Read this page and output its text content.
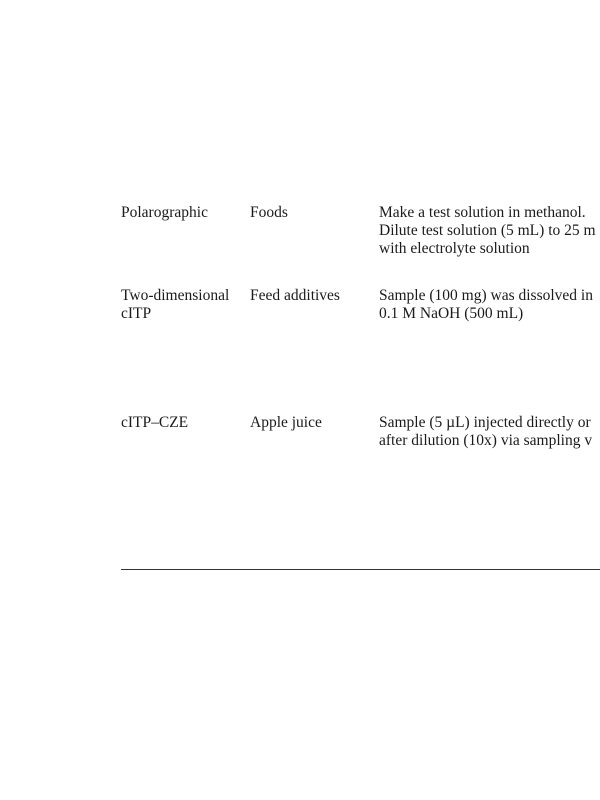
Polarographic	Foods	Make a test solution in methanol.
Dilute test solution (5 mL) to 25 m
with electrolyte solution
Two-dimensional
cITP
Feed additives	Sample (100 mg) was dissolved in
0.1 M NaOH (500 mL)
cITP–CZE	Apple juice	Sample (5 µL) injected directly or
after dilution (10x) via sampling v
